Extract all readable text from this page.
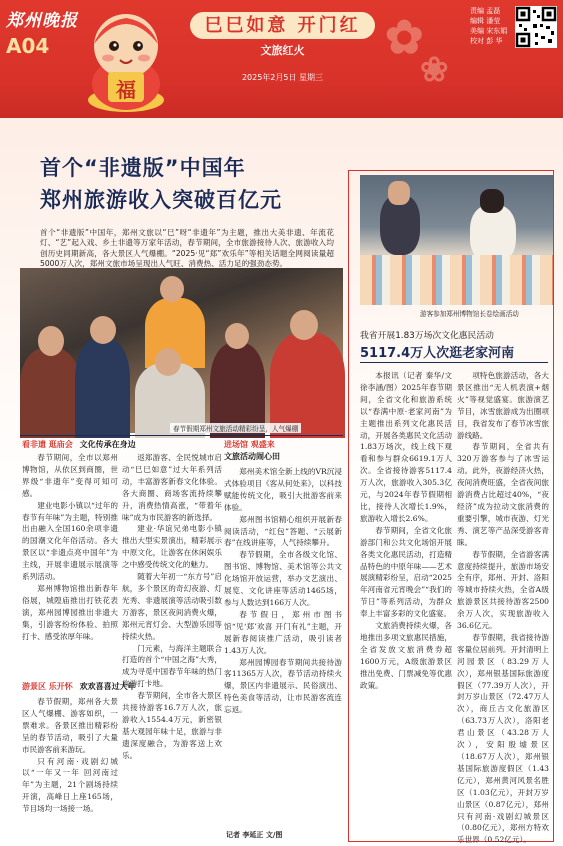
✿
❀
郑州晚报
A04
福
巳巳如意 开门红
文旅红火
2025年2月5日 星期三
责编 孟磊
编辑 潘莹
美编 宋东娟
校对 彭 华
首个“非遗版”中国年
郑州旅游收入突破百亿元
首个“非遗版”中国年，郑州文旅以“巳”呀“非遗年”为主题，推出大美非遗、年流花灯、“艺”起入戏、乡土非遗等万家年活动，春节期间，全市旅游接待人次、旅游收入均创历史同期新高，各大景区人气爆棚。“2025·见“郑”欢乐年”等相关话题全网阅读量超5000万人次，郑州文旅市场呈现出人气旺、消费热、活力足的强劲态势。
春节假期郑州文旅活动精彩纷呈，人气爆棚
看非遗 逛庙会 文化传承在身边

春节期间，全市以郑州博物馆，从依区到商圈，世界级“非遗年”变得可知可感。

建业电影小镇以“过年的春节有年味”为主题，特别推出由融入全国160余项非遗的国潮文化年俗活动。各大景区以“非遗点亮中国年”为主线，开展非遗展示展演等系列活动。

郑州博物馆推出新春年俗展，城隍庙推出打铁花表演，郑州园博园推出非遗大集，引游客纷纷体验、拍照打卡、感受浓厚年味。

游景区 乐开怀 欢欢喜喜过大年

春节假期，郑州各大景区人气爆棚、游客如织，一票难求。各景区推出精彩纷呈的春节活动，吸引了大量市民游客前来游玩。

只有河南·戏剧幻城以“一年又一年 回河南过年”为主题，21个剧场持续开演，高峰日上座165场，节目场均一场接一场。

返郑游客、全民悦城市启动“巳巳如意”过大年系列活动，丰富游客新春文化体验。各大商圈、商场客流持续攀升，消费热情高涨，“带着年味”成为市民游客的新选择。

建业·华谊兄弟电影小镇推出大型实景演出，精彩展示中原文化，让游客在休闲娱乐之中感受传统文化的魅力。

随着大年初一“东方号”启航，多个景区的奇幻夜游、灯光秀、非遗展演等活动吸引数万游客，景区夜间消费火爆，郑州元宵灯会、大型游乐园等持续火热。

门元素，与海洋主题联合打造的首个“中国之海”大秀，成为寻觅中国春节年味的热门旅游打卡地。

春节期间，全市各大景区共接待游客16.7万人次，旅游收入1554.4万元，新密银基大观园年味十足，旅游与非遗深度融合，为游客送上欢乐。

进场馆 观盛来
文旅活动闹心田

郑州美术馆全新上线的VR沉浸式体验项目《客从何处来》，以科技赋能传统文化，吸引大批游客前来体验。

郑州图书馆精心组织开展新春阅读活动，“红包”答题、“云展新春”在线讲座等，人气持续攀升。

春节假期，全市各级文化馆、图书馆、博物馆、美术馆等公共文化场馆开放运营，举办文艺演出、展览、文化讲座等活动1465场，参与人数达到166万人次。

春节假日，郑州市图书馆“见‘郑’欢喜 开门有礼”主题，开展新春阅读推广活动，吸引读者1.43万人次。

郑州园博园春节期间共接待游客11365万人次，春节活动持续火爆，景区内非遗展示、民俗演出、特色美食等活动，让市民游客流连忘返。

记者 李延正 文/图
游客参加郑州博物馆长卷绘画活动
我省开展1.83万场次文化惠民活动
5117.4万人次逛老家河南

本报讯（记者 秦华/文 徐李涵/图）2025年春节期间，全省文化和旅游系统以“春满中原·老家河南”为主题推出系列文化惠民活动，开展各类惠民文化活动1.83万场次，线上线下观看和参与群众6619.1万人次。全省接待游客5117.4万人次，旅游收入305.3亿元，与2024年春节假期相比，接待人次增长1.9%，旅游收入增长2.6%。

春节期间，全省文化旅游部门和公共文化场馆开展各类文化惠民活动，打造精品特色的中原年味——艺术展演精彩纷呈，启动“2025年河南省元宵晚会”“我们的节日”等系列活动，为群众奉上丰富多彩的文化盛宴。

文旅消费持续火爆，各地推出多项文旅惠民措施，全省发放文旅消费券超1600万元，A级旅游景区推出免费、门票减免等优惠政策。

项特色旅游活动，各大景区推出“无人机表演+烟火”等视觉盛宴。旅游演艺节目，冰雪旅游成为出圈项目，我省发布了春节冰雪旅游线路。

春节期间，全省共有320万游客参与了冰雪运动。此外，夜游经济火热，夜间消费旺盛，全省夜间旅游消费占比超过40%，“夜经济”成为拉动文旅消费的重要引擎，城市夜游、灯光秀、演艺等产品深受游客青睐。

春节假期，全省游客满意度持续提升，旅游市场安全有序，郑州、开封、洛阳等城市持续火热，全省A级旅游景区共接待游客2500余万人次，实现旅游收入36.6亿元。

春节假期，我省接待游客量位居前列。开封清明上河园景区（83.29万人次），郑州银基国际旅游度假区（77.39万人次），开封万岁山景区（72.47万人次），商丘古文化旅游区（63.73万人次），洛阳老君山景区（43.28万人次），安阳殷墟景区（18.67万人次），郑州银基国际旅游度假区（1.43亿元），郑州黄河风景名胜区（1.03亿元），开封万岁山景区（0.87亿元），郑州只有河南·戏剧幻城景区（0.80亿元），郑州方特欢乐世界（0.52亿元）。
